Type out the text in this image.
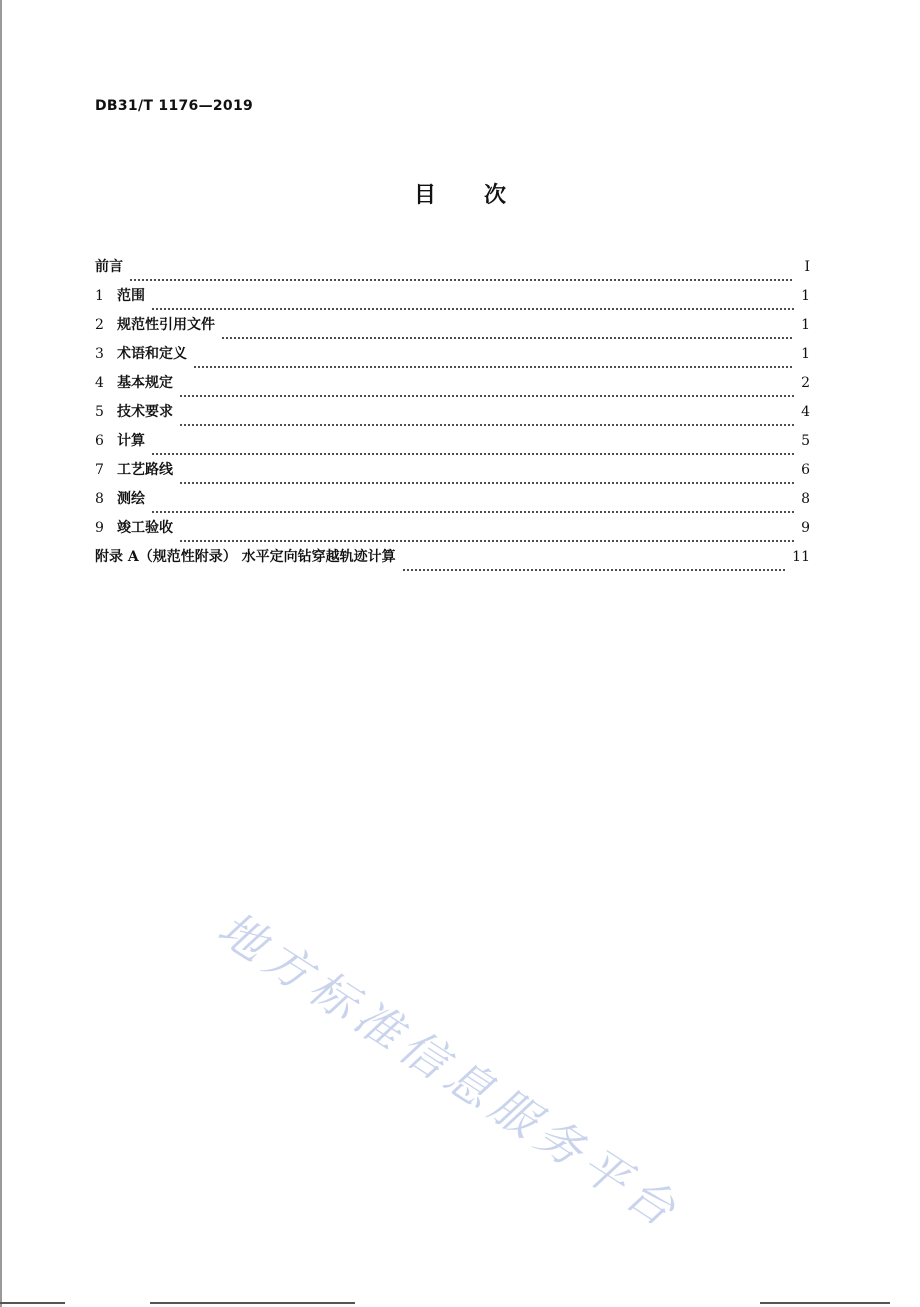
DB31/T 1176—2019
目次
前言	I
1 范围	1
2 规范性引用文件	1
3 术语和定义	1
4 基本规定	2
5 技术要求	4
6 计算	5
7 工艺路线	6
8 测绘	8
9 竣工验收	9
附录 A（规范性附录） 水平定向钻穿越轨迹计算	11
地方标准信息服务平台
